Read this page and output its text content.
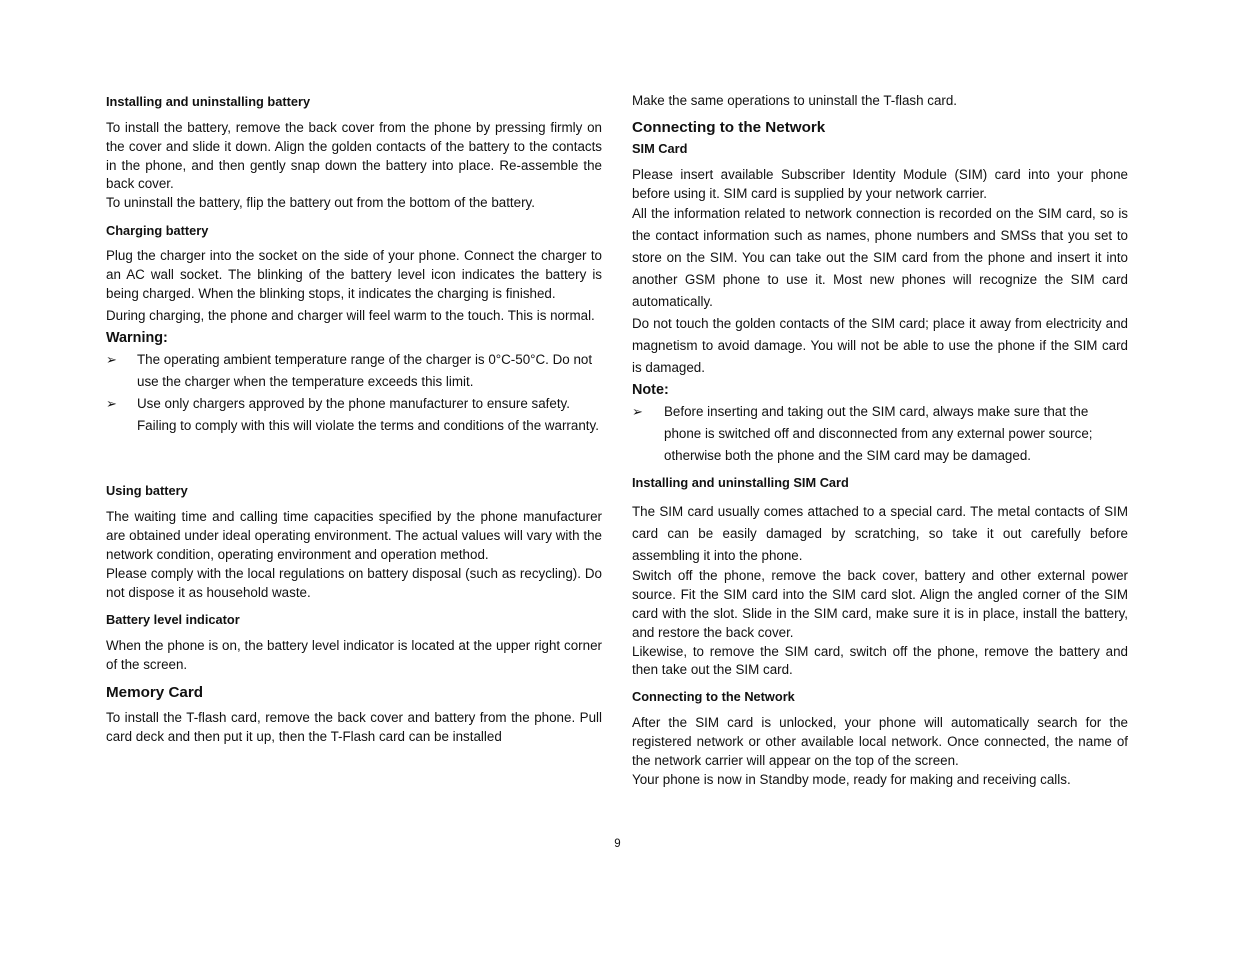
Installing and uninstalling battery

To install the battery, remove the back cover from the phone by pressing firmly on the cover and slide it down. Align the golden contacts of the battery to the contacts in the phone, and then gently snap down the battery into place. Re-assemble the back cover.

To uninstall the battery, flip the battery out from the bottom of the battery.

Charging battery

Plug the charger into the socket on the side of your phone. Connect the charger to an AC wall socket. The blinking of the battery level icon indicates the battery is being charged. When the blinking stops, it indicates the charging is finished.

During charging, the phone and charger will feel warm to the touch. This is normal.

Warning:
➢ The operating ambient temperature range of the charger is 0°C-50°C. Do not use the charger when the temperature exceeds this limit.
➢ Use only chargers approved by the phone manufacturer to ensure safety. Failing to comply with this will violate the terms and conditions of the warranty.
Using battery

The waiting time and calling time capacities specified by the phone manufacturer are obtained under ideal operating environment. The actual values will vary with the network condition, operating environment and operation method.

Please comply with the local regulations on battery disposal (such as recycling). Do not dispose it as household waste.

Battery level indicator

When the phone is on, the battery level indicator is located at the upper right corner of the screen.

Memory Card

To install the T-flash card, remove the back cover and battery from the phone. Pull card deck and then put it up, then the T-Flash card can be installed

Make the same operations to uninstall the T-flash card.

Connecting to the Network
SIM Card

Please insert available Subscriber Identity Module (SIM) card into your phone before using it. SIM card is supplied by your network carrier.

All the information related to network connection is recorded on the SIM card, so is the contact information such as names, phone numbers and SMSs that you set to store on the SIM. You can take out the SIM card from the phone and insert it into another GSM phone to use it. Most new phones will recognize the SIM card automatically.

Do not touch the golden contacts of the SIM card; place it away from electricity and magnetism to avoid damage. You will not be able to use the phone if the SIM card is damaged.

Note:
➢ Before inserting and taking out the SIM card, always make sure that the phone is switched off and disconnected from any external power source; otherwise both the phone and the SIM card may be damaged.
Installing and uninstalling SIM Card

The SIM card usually comes attached to a special card. The metal contacts of SIM card can be easily damaged by scratching, so take it out carefully before assembling it into the phone.

Switch off the phone, remove the back cover, battery and other external power source. Fit the SIM card into the SIM card slot. Align the angled corner of the SIM card with the slot. Slide in the SIM card, make sure it is in place, install the battery, and restore the back cover.

Likewise, to remove the SIM card, switch off the phone, remove the battery and then take out the SIM card.

Connecting to the Network

After the SIM card is unlocked, your phone will automatically search for the registered network or other available local network. Once connected, the name of the network carrier will appear on the top of the screen.

Your phone is now in Standby mode, ready for making and receiving calls.

9
